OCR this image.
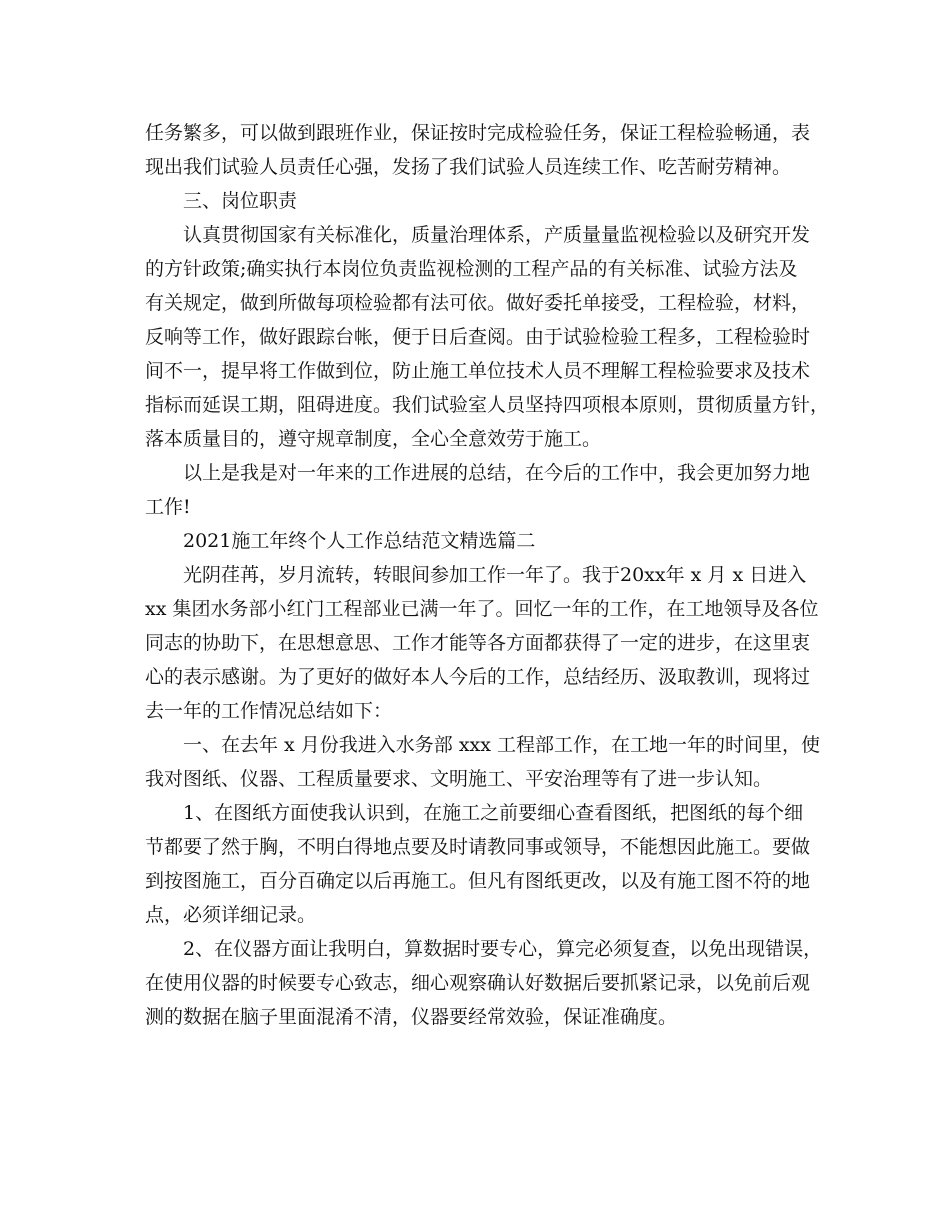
任务繁多，可以做到跟班作业，保证按时完成检验任务，保证工程检验畅通，表
现出我们试验人员责任心强，发扬了我们试验人员连续工作、吃苦耐劳精神。
三、岗位职责
认真贯彻国家有关标准化，质量治理体系，产质量量监视检验以及研究开发
的方针政策;确实执行本岗位负责监视检测的工程产品的有关标准、试验方法及
有关规定，做到所做每项检验都有法可依。做好委托单接受，工程检验，材料，
反响等工作，做好跟踪台帐，便于日后查阅。由于试验检验工程多，工程检验时
间不一，提早将工作做到位，防止施工单位技术人员不理解工程检验要求及技术
指标而延误工期，阻碍进度。我们试验室人员坚持四项根本原则，贯彻质量方针，
落本质量目的，遵守规章制度，全心全意效劳于施工。
以上是我是对一年来的工作进展的总结，在今后的工作中，我会更加努力地
工作!
2021施工年终个人工作总结范文精选篇二
光阴荏苒，岁月流转，转眼间参加工作一年了。我于20xx年 x 月 x 日进入
xx 集团水务部小红门工程部业已满一年了。回忆一年的工作，在工地领导及各位
同志的协助下，在思想意思、工作才能等各方面都获得了一定的进步，在这里衷
心的表示感谢。为了更好的做好本人今后的工作，总结经历、汲取教训，现将过
去一年的工作情况总结如下：
一、在去年 x 月份我进入水务部 xxx 工程部工作，在工地一年的时间里，使
我对图纸、仪器、工程质量要求、文明施工、平安治理等有了进一步认知。
1、在图纸方面使我认识到，在施工之前要细心查看图纸，把图纸的每个细
节都要了然于胸，不明白得地点要及时请教同事或领导，不能想因此施工。要做
到按图施工，百分百确定以后再施工。但凡有图纸更改，以及有施工图不符的地
点，必须详细记录。
2、在仪器方面让我明白，算数据时要专心，算完必须复查，以免出现错误，
在使用仪器的时候要专心致志，细心观察确认好数据后要抓紧记录，以免前后观
测的数据在脑子里面混淆不清，仪器要经常效验，保证准确度。
